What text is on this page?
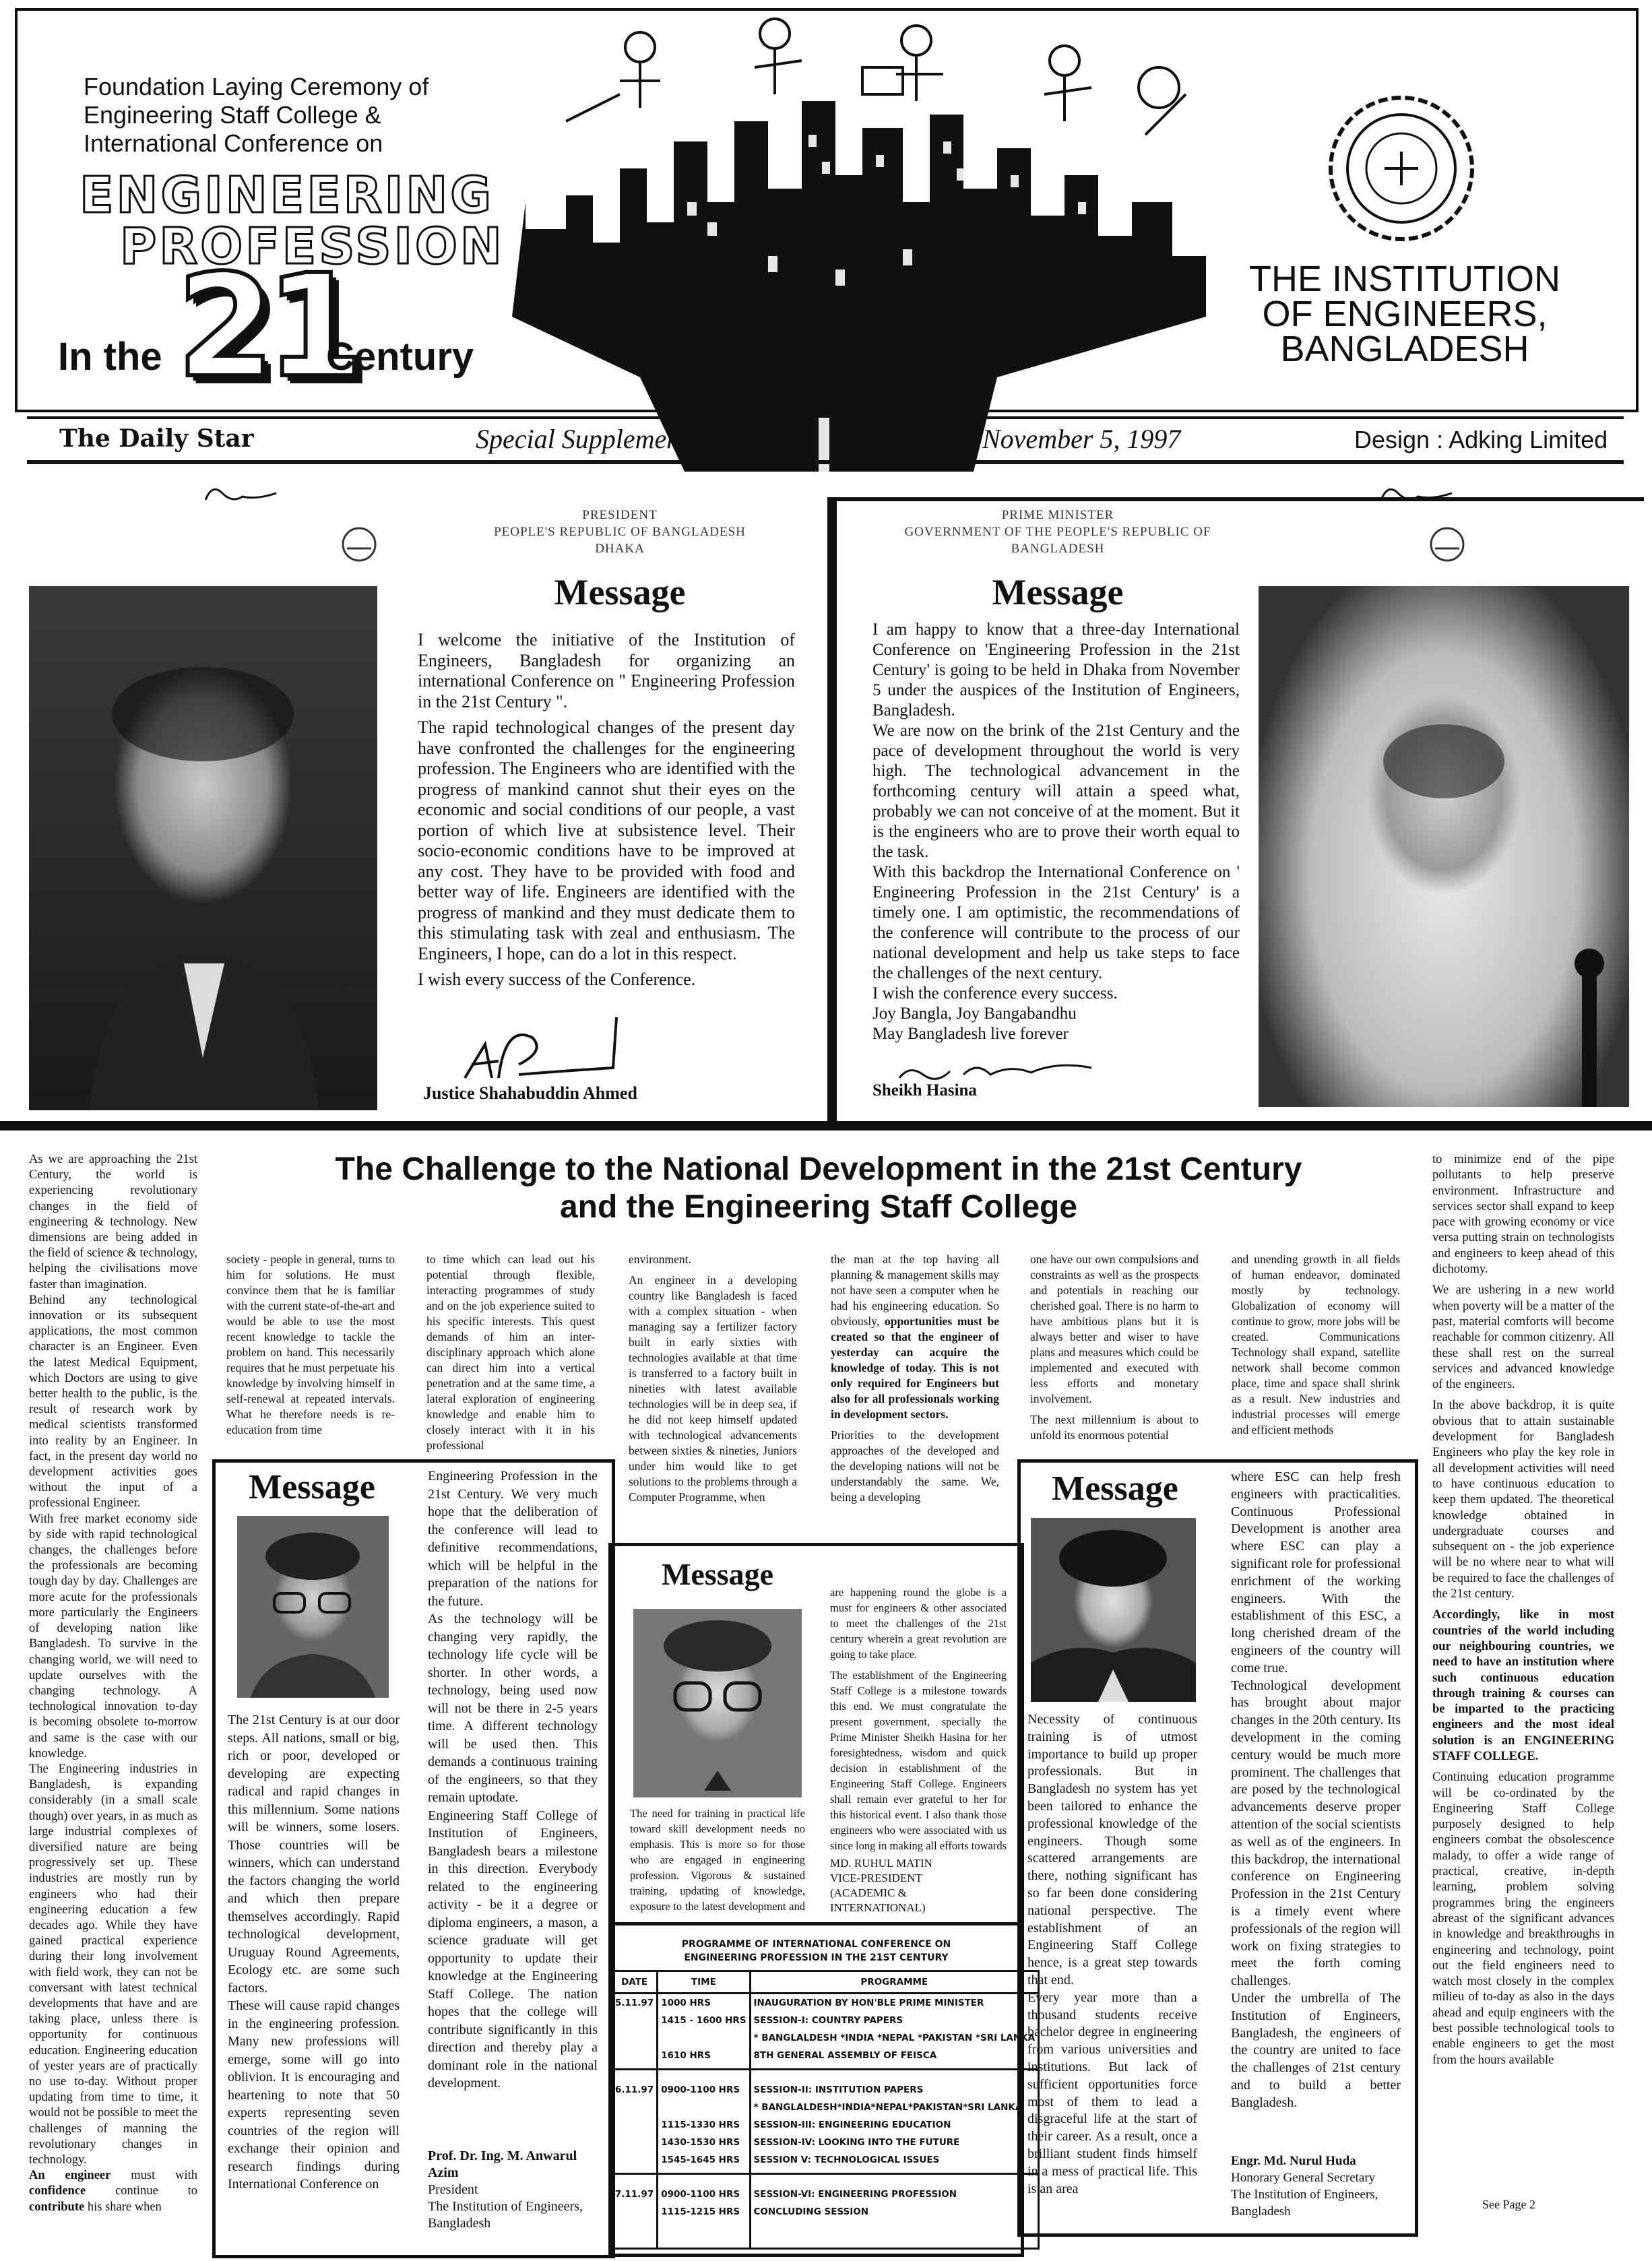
Foundation Laying Ceremony of
Engineering Staff College &
International Conference on
ENGINEERING
PROFESSION
In the 21
Century
THE INSTITUTION
OF ENGINEERS,
BANGLADESH
The Daily Star	Special Supplement	November 5, 1997	Design : Adking Limited
PRESIDENT
PEOPLE'S REPUBLIC OF BANGLADESH
DHAKA
Message

I welcome the initiative of the Institution of Engineers, Bangladesh for organizing an international Conference on " Engineering Profession in the 21st Century ".

The rapid technological changes of the present day have confronted the challenges for the engineering profession. The Engineers who are identified with the progress of mankind cannot shut their eyes on the economic and social conditions of our people, a vast portion of which live at subsistence level. Their socio-economic conditions have to be improved at any cost. They have to be provided with food and better way of life. Engineers are identified with the progress of mankind and they must dedicate them to this stimulating task with zeal and enthusiasm. The Engineers, I hope, can do a lot in this respect.

I wish every success of the Conference.

Justice Shahabuddin Ahmed
PRIME MINISTER
GOVERNMENT OF THE PEOPLE'S REPUBLIC OF
BANGLADESH
Message

I am happy to know that a three-day International Conference on 'Engineering Profession in the 21st Century' is going to be held in Dhaka from November 5 under the auspices of the Institution of Engineers, Bangladesh.

We are now on the brink of the 21st Century and the pace of development throughout the world is very high. The technological advancement in the forthcoming century will attain a speed what, probably we can not conceive of at the moment. But it is the engineers who are to prove their worth equal to the task.

With this backdrop the International Conference on ' Engineering Profession in the 21st Century' is a timely one. I am optimistic, the recommendations of the conference will contribute to the process of our national development and help us take steps to face the challenges of the next century.

I wish the conference every success.

Joy Bangla, Joy Bangabandhu

May Bangladesh live forever

Sheikh Hasina

As we are approaching the 21st Century, the world is experiencing revolutionary changes in the field of engineering & technology. New dimensions are being added in the field of science & technology, helping the civilisations move faster than imagination.

Behind any technological innovation or its subsequent applications, the most common character is an Engineer. Even the latest Medical Equipment, which Doctors are using to give better health to the public, is the result of research work by medical scientists transformed into reality by an Engineer. In fact, in the present day world no development activities goes without the input of a professional Engineer.

With free market economy side by side with rapid technological changes, the challenges before the professionals are becoming tough day by day. Challenges are more acute for the professionals more particularly the Engineers of developing nation like Bangladesh. To survive in the changing world, we will need to update ourselves with the changing technology. A technological innovation to-day is becoming obsolete to-morrow and same is the case with our knowledge.

The Engineering industries in Bangladesh, is expanding considerably (in a small scale though) over years, in as much as large industrial complexes of diversified nature are being progressively set up. These industries are mostly run by engineers who had their engineering education a few decades ago. While they have gained practical experience during their long involvement with field work, they can not be conversant with latest technical developments that have and are taking place, unless there is opportunity for continuous education. Engineering education of yester years are of practically no use to-day. Without proper updating from time to time, it would not be possible to meet the challenges of manning the revolutionary changes in technology.

An engineer must with confidence continue to contribute his share when

The Challenge to the National Development in the 21st Century
and the Engineering Staff College

society - people in general, turns to him for solutions. He must convince them that he is familiar with the current state-of-the-art and would be able to use the most recent knowledge to tackle the problem on hand. This necessarily requires that he must perpetuate his knowledge by involving himself in self-renewal at repeated intervals. What he therefore needs is re-education from time

to time which can lead out his potential through flexible, interacting programmes of study and on the job experience suited to his specific interests. This quest demands of him an inter-disciplinary approach which alone can direct him into a vertical penetration and at the same time, a lateral exploration of engineering knowledge and enable him to closely interact with it in his professional

environment.

An engineer in a developing country like Bangladesh is faced with a complex situation - when managing say a fertilizer factory built in early sixties with technologies available at that time is transferred to a factory built in nineties with latest available technologies will be in deep sea, if he did not keep himself updated with technological advancements between sixties & nineties, Juniors under him would like to get solutions to the problems through a Computer Programme, when

the man at the top having all planning & management skills may not have seen a computer when he had his engineering education. So obviously, opportunities must be created so that the engineer of yesterday can acquire the knowledge of today. This is not only required for Engineers but also for all professionals working in development sectors.

Priorities to the development approaches of the developed and the developing nations will not be understandably the same. We, being a developing

one have our own compulsions and constraints as well as the prospects and potentials in reaching our cherished goal. There is no harm to have ambitious plans but it is always better and wiser to have plans and measures which could be implemented and executed with less efforts and monetary involvement.

The next millennium is about to unfold its enormous potential

and unending growth in all fields of human endeavor, dominated mostly by technology. Globalization of economy will continue to grow, more jobs will be created. Communications Technology shall expand, satellite network shall become common place, time and space shall shrink as a result. New industries and industrial processes will emerge and efficient methods

to minimize end of the pipe pollutants to help preserve environment. Infrastructure and services sector shall expand to keep pace with growing economy or vice versa putting strain on technologists and engineers to keep ahead of this dichotomy.

We are ushering in a new world when poverty will be a matter of the past, material comforts will become reachable for common citizenry. All these shall rest on the surreal services and advanced knowledge of the engineers.

In the above backdrop, it is quite obvious that to attain sustainable development for Bangladesh Engineers who play the key role in all development activities will need to have continuous education to keep them updated. The theoretical knowledge obtained in undergraduate courses and subsequent on - the job experience will be no where near to what will be required to face the challenges of the 21st century.

Accordingly, like in most countries of the world including our neighbouring countries, we need to have an institution where such continuous education through training & courses can be imparted to the practicing engineers and the most ideal solution is an ENGINEERING STAFF COLLEGE.

Continuing education programme will be co-ordinated by the Engineering Staff College purposely designed to help engineers combat the obsolescence malady, to offer a wide range of practical, creative, in-depth learning, problem solving programmes bring the engineers abreast of the significant advances in knowledge and breakthroughs in engineering and technology, point out the field engineers need to watch most closely in the complex milieu of to-day as also in the days ahead and equip engineers with the best possible technological tools to enable engineers to get the most from the hours available

See Page 2
Message

The 21st Century is at our door steps. All nations, small or big, rich or poor, developed or developing are expecting radical and rapid changes in this millennium. Some nations will be winners, some losers. Those countries will be winners, which can understand the factors changing the world and which then prepare themselves accordingly. Rapid technological development, Uruguay Round Agreements, Ecology etc. are some such factors.

These will cause rapid changes in the engineering profession. Many new professions will emerge, some will go into oblivion. It is encouraging and heartening to note that 50 experts representing seven countries of the region will exchange their opinion and research findings during International Conference on

Engineering Profession in the 21st Century. We very much hope that the deliberation of the conference will lead to definitive recommendations, which will be helpful in the preparation of the nations for the future.

As the technology will be changing very rapidly, the technology life cycle will be shorter. In other words, a technology, being used now will not be there in 2-5 years time. A different technology will be used then. This demands a continuous training of the engineers, so that they remain uptodate.

Engineering Staff College of Institution of Engineers, Bangladesh bears a milestone in this direction. Everybody related to the engineering activity - be it a degree or diploma engineers, a mason, a science graduate will get opportunity to update their knowledge at the Engineering Staff College. The nation hopes that the college will contribute significantly in this direction and thereby play a dominant role in the national development.

Prof. Dr. Ing. M. Anwarul Azim
President
The Institution of Engineers, Bangladesh
Message

The need for training in practical life toward skill development needs no emphasis. This is more so for those who are engaged in engineering profession. Vigorous & sustained training, updating of knowledge, exposure to the latest development and

are happening round the globe is a must for engineers & other associated to meet the challenges of the 21st century wherein a great revolution are going to take place.

The establishment of the Engineering Staff College is a milestone towards this end. We must congratulate the present government, specially the Prime Minister Sheikh Hasina for her foresightedness, wisdom and quick decision in establishment of the Engineering Staff College. Engineers shall remain ever grateful to her for this historical event. I also thank those engineers who were associated with us since long in making all efforts towards

MD. RUHUL MATIN
VICE-PRESIDENT
(ACADEMIC &
INTERNATIONAL)
PROGRAMME OF INTERNATIONAL CONFERENCE ON
ENGINEERING PROFESSION IN THE 21ST CENTURY
DATE	TIME	PROGRAMME
5.11.97	1000 HRS	INAUGURATION BY HON'BLE PRIME MINISTER
	1415 - 1600 HRS	SESSION-I: COUNTRY PAPERS
		* BANGLALDESH *INDIA *NEPAL *PAKISTAN *SRI LANKA
	1610 HRS	8TH GENERAL ASSEMBLY OF FEISCA

6.11.97	0900-1100 HRS	SESSION-II: INSTITUTION PAPERS
		* BANGLALDESH*INDIA*NEPAL*PAKISTAN*SRI LANKA
	1115-1330 HRS	SESSION-III: ENGINEERING EDUCATION
	1430-1530 HRS	SESSION-IV: LOOKING INTO THE FUTURE
	1545-1645 HRS	SESSION V: TECHNOLOGICAL ISSUES

7.11.97	0900-1100 HRS	SESSION-VI: ENGINEERING PROFESSION
	1115-1215 HRS	CONCLUDING SESSION

Message

Necessity of continuous training is of utmost importance to build up proper professionals. But in Bangladesh no system has yet been tailored to enhance the professional knowledge of the engineers. Though some scattered arrangements are there, nothing significant has so far been done considering national perspective. The establishment of an Engineering Staff College hence, is a great step towards that end.

Every year more than a thousand students receive bachelor degree in engineering from various universities and institutions. But lack of sufficient opportunities force most of them to lead a disgraceful life at the start of their career. As a result, once a brilliant student finds himself in a mess of practical life. This is an area

where ESC can help fresh engineers with practicalities. Continuous Professional Development is another area where ESC can play a significant role for professional enrichment of the working engineers. With the establishment of this ESC, a long cherished dream of the engineers of the country will come true.

Technological development has brought about major changes in the 20th century. Its development in the coming century would be much more prominent. The challenges that are posed by the technological advancements deserve proper attention of the social scientists as well as of the engineers. In this backdrop, the international conference on Engineering Profession in the 21st Century is a timely event where professionals of the region will work on fixing strategies to meet the forth coming challenges.

Under the umbrella of The Institution of Engineers, Bangladesh, the engineers of the country are united to face the challenges of 21st century and to build a better Bangladesh.

Engr. Md. Nurul Huda
Honorary General Secretary
The Institution of Engineers,
Bangladesh
